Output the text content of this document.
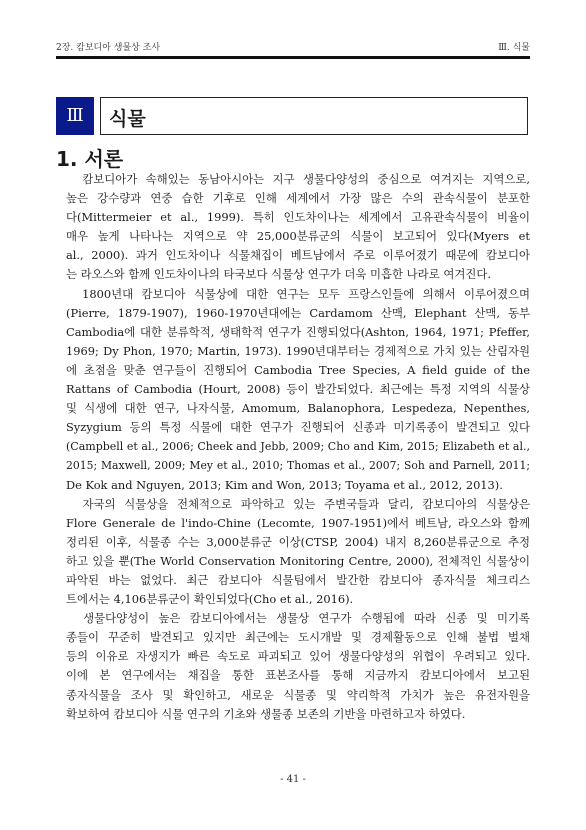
2장. 캄보디아 생물상 조사	Ⅲ. 식물
Ⅲ	식물
1. 서론
　캄보디아가 속해있는 동남아시아는 지구 생물다양성의 중심으로 여겨지는 지역으로,
높은 강수량과 연중 습한 기후로 인해 세계에서 가장 많은 수의 관속식물이 분포한
다(Mittermeier et al., 1999). 특히 인도차이나는 세계에서 고유관속식물이 비율이
매우 높게 나타나는 지역으로 약 25,000분류군의 식물이 보고되어 있다(Myers et
al., 2000). 과거 인도차이나 식물채집이 베트남에서 주로 이루어졌기 때문에 캄보디아
는 라오스와 함께 인도차이나의 타국보다 식물상 연구가 더욱 미흡한 나라로 여겨진다.
　1800년대 캄보디아 식물상에 대한 연구는 모두 프랑스인들에 의해서 이루어졌으며
(Pierre, 1879-1907), 1960-1970년대에는 Cardamom 산맥, Elephant 산맥, 동부
Cambodia에 대한 분류학적, 생태학적 연구가 진행되었다(Ashton, 1964, 1971; Pfeffer,
1969; Dy Phon, 1970; Martin, 1973). 1990년대부터는 경제적으로 가치 있는 산림자원
에 초점을 맞춘 연구들이 진행되어 Cambodia Tree Species, A field guide of the
Rattans of Cambodia (Hourt, 2008) 등이 발간되었다. 최근에는 특정 지역의 식물상
및 식생에 대한 연구, 나자식물, Amomum, Balanophora, Lespedeza, Nepenthes,
Syzygium 등의 특정 식물에 대한 연구가 진행되어 신종과 미기록종이 발견되고 있다
(Campbell et al., 2006; Cheek and Jebb, 2009; Cho and Kim, 2015; Elizabeth et al.,
2015; Maxwell, 2009; Mey et al., 2010; Thomas et al., 2007; Soh and Parnell, 2011;
De Kok and Nguyen, 2013; Kim and Won, 2013; Toyama et al., 2012, 2013).
　자국의 식물상을 전체적으로 파악하고 있는 주변국들과 달리, 캄보디아의 식물상은
Flore Generale de l'indo-Chine (Lecomte, 1907-1951)에서 베트남, 라오스와 함께
정리된 이후, 식물종 수는 3,000분류군 이상(CTSP, 2004) 내지 8,260분류군으로 추정
하고 있을 뿐(The World Conservation Monitoring Centre, 2000), 전체적인 식물상이
파악된 바는 없었다. 최근 캄보디아 식물팀에서 발간한 캄보디아 종자식물 체크리스
트에서는 4,106분류군이 확인되었다(Cho et al., 2016).
　생물다양성이 높은 캄보디아에서는 생물상 연구가 수행됨에 따라 신종 및 미기록
종들이 꾸준히 발견되고 있지만 최근에는 도시개발 및 경제활동으로 인해 불법 벌채
등의 이유로 자생지가 빠른 속도로 파괴되고 있어 생물다양성의 위협이 우려되고 있다.
이에 본 연구에서는 채집을 통한 표본조사를 통해 지금까지 캄보디아에서 보고된
종자식물을 조사 및 확인하고, 새로운 식물종 및 약리학적 가치가 높은 유전자원을
확보하여 캄보디아 식물 연구의 기초와 생물종 보존의 기반을 마련하고자 하였다.
- 41 -
